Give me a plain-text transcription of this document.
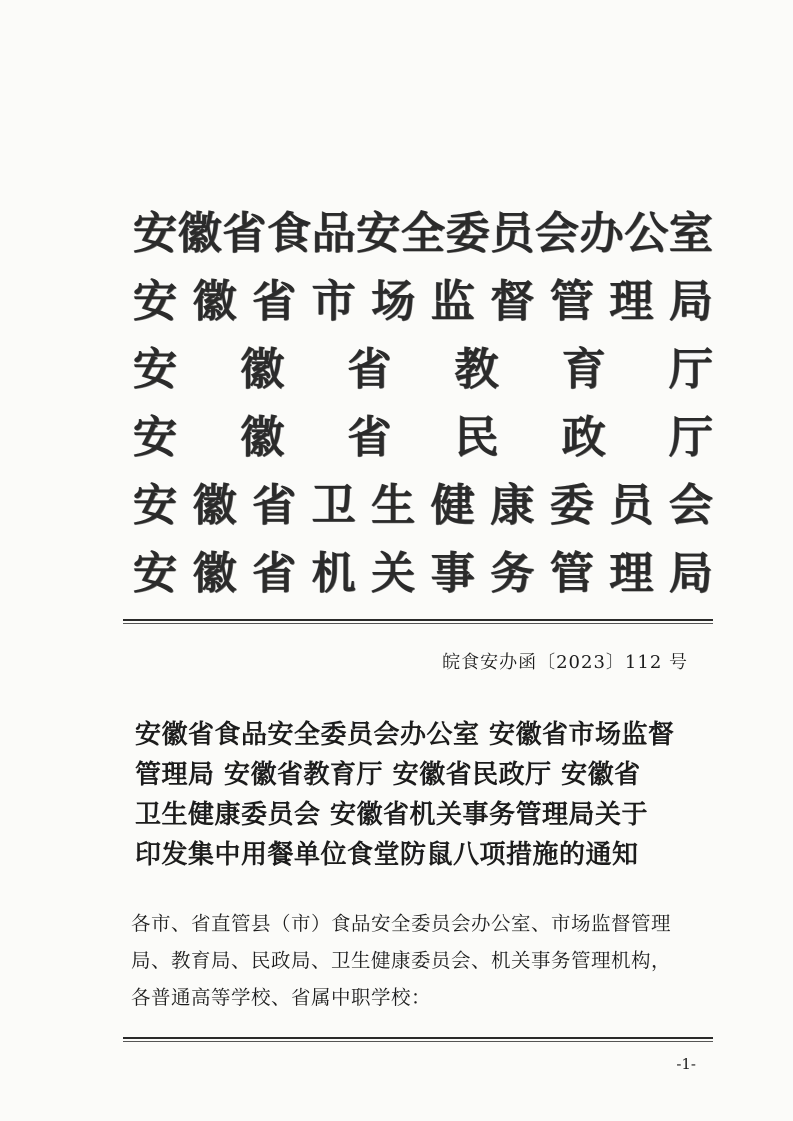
安 徽 省 食 品 安 全 委 员 会 办 公 室
安 徽 省 市 场 监 督 管 理 局
安 徽 省 教 育 厅
安 徽 省 民 政 厅
安 徽 省 卫 生 健 康 委 员 会
安 徽 省 机 关 事 务 管 理 局
皖食安办函〔2023〕112 号
安徽省食品安全委员会办公室 安徽省市场监督
管理局 安徽省教育厅 安徽省民政厅 安徽省
卫生健康委员会 安徽省机关事务管理局关于
印发集中用餐单位食堂防鼠八项措施的通知
各市、省直管县（市）食品安全委员会办公室、市场监督管理
局、教育局、民政局、卫生健康委员会、机关事务管理机构，
各普通高等学校、省属中职学校：
-1-
